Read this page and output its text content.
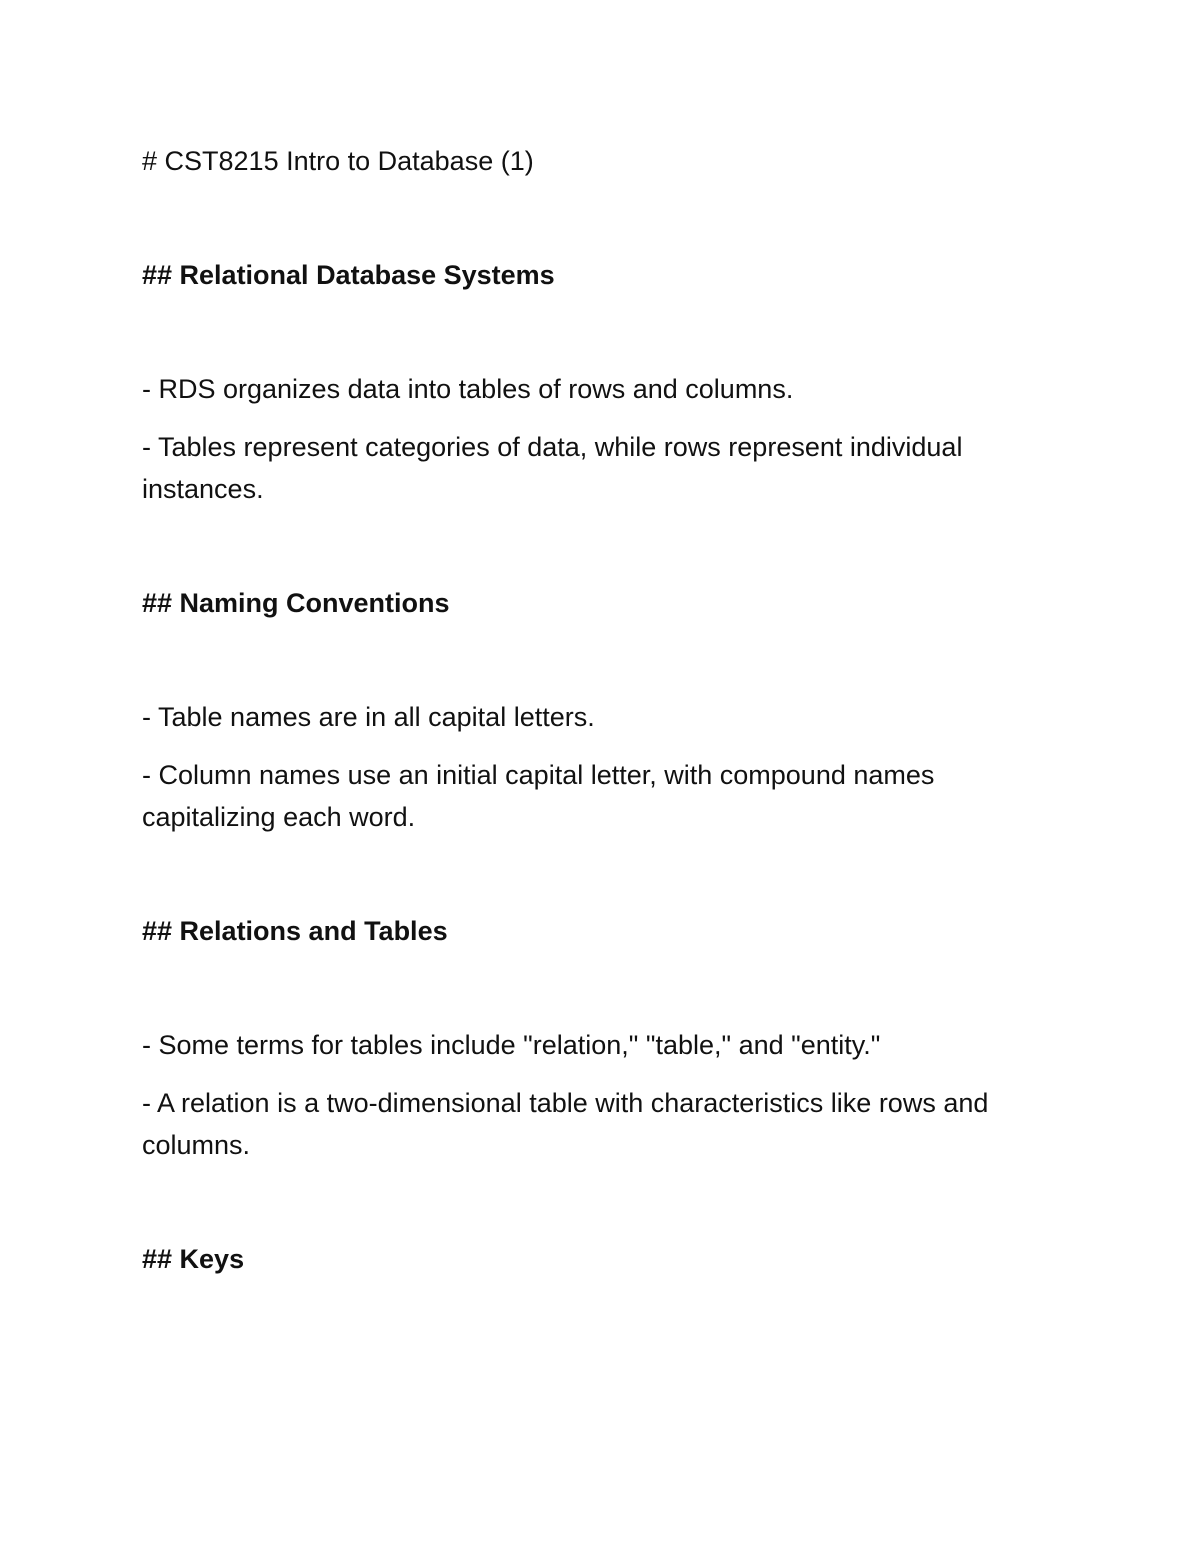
# CST8215 Intro to Database (1)

## Relational Database Systems

- RDS organizes data into tables of rows and columns.

- Tables represent categories of data, while rows represent individual instances.

## Naming Conventions

- Table names are in all capital letters.

- Column names use an initial capital letter, with compound names capitalizing each word.

## Relations and Tables

- Some terms for tables include "relation," "table," and "entity."

- A relation is a two-dimensional table with characteristics like rows and columns.

## Keys
